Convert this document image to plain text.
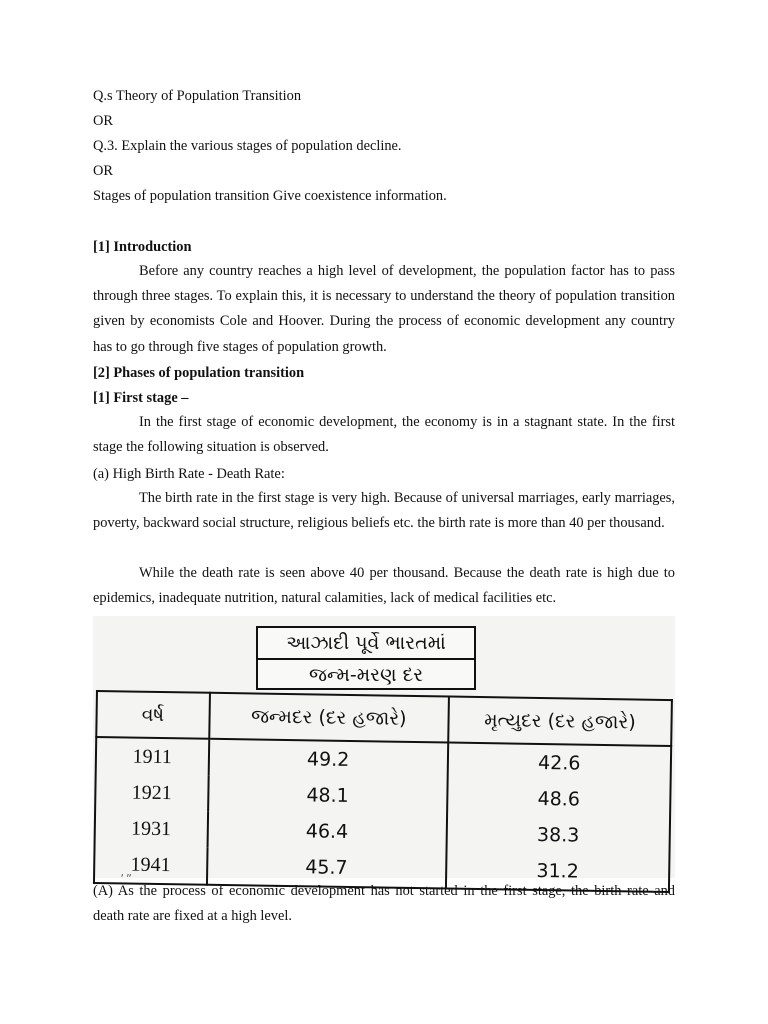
Q.s Theory of Population Transition
OR
Q.3. Explain the various stages of population decline.
OR
Stages of population transition Give coexistence information.
[1] Introduction
Before any country reaches a high level of development, the population factor has to pass through three stages. To explain this, it is necessary to understand the theory of population transition given by economists Cole and Hoover. During the process of economic development any country has to go through five stages of population growth.
[2] Phases of population transition
[1] First stage –
In the first stage of economic development, the economy is in a stagnant state. In the first stage the following situation is observed.
(a) High Birth Rate - Death Rate:
The birth rate in the first stage is very high. Because of universal marriages, early marriages, poverty, backward social structure, religious beliefs etc. the birth rate is more than 40 per thousand.
While the death rate is seen above 40 per thousand. Because the death rate is high due to epidemics, inadequate nutrition, natural calamities, lack of medical facilities etc.
આઝાદી પૂર્વે ભારતમાં
જન્મ-મરણ દર
વર્ષ	જન્મદર (દર હજારે)	મૃત્યુદર (દર હજારે)
1911	49.2	42.6
1921	48.1	48.6
1931	46.4	38.3
1941	45.7	31.2
ʹ ʺ
(A) As the process of economic development has not started in the first stage, the birth rate and death rate are fixed at a high level.
